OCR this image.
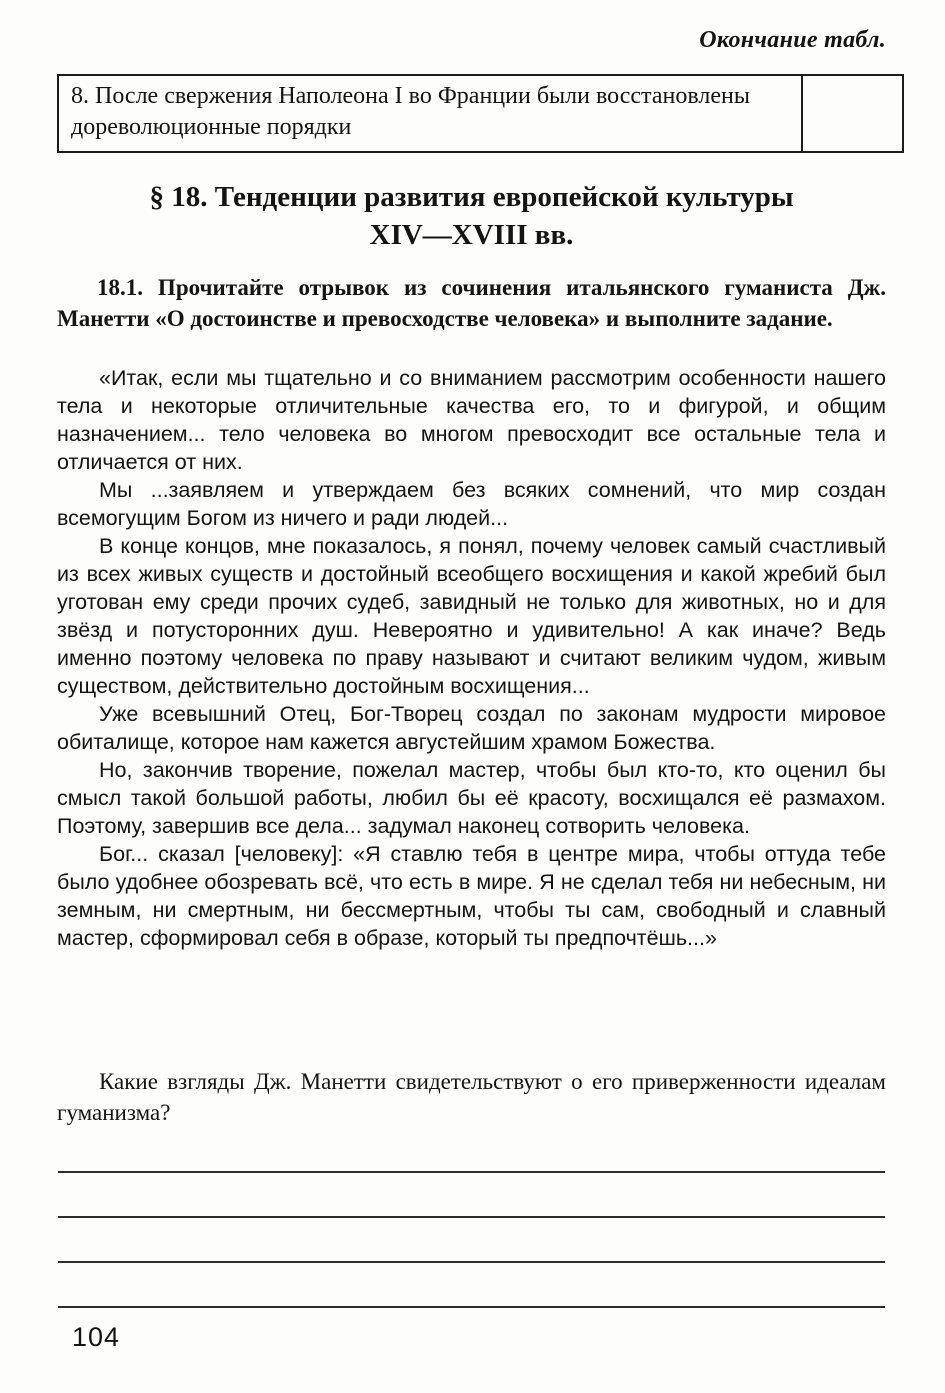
Окончание табл.
8. После свержения Наполеона I во Франции были восстановлены дореволюционные порядки	
§ 18. Тенденции развития европейской культуры
XIV—XVIII вв.

18.1. Прочитайте отрывок из сочинения итальянского гуманиста Дж. Манетти «О достоинстве и превосходстве человека» и выполните задание.

«Итак, если мы тщательно и со вниманием рассмотрим особенности нашего тела и некоторые отличительные качества его, то и фигурой, и общим назначением... тело человека во многом превосходит все остальные тела и отличается от них.

Мы ...заявляем и утверждаем без всяких сомнений, что мир создан всемогущим Богом из ничего и ради людей...

В конце концов, мне показалось, я понял, почему человек самый счастливый из всех живых существ и достойный всеобщего восхищения и какой жребий был уготован ему среди прочих судеб, завидный не только для животных, но и для звёзд и потусторонних душ. Невероятно и удивительно! А как иначе? Ведь именно поэтому человека по праву называют и считают великим чудом, живым существом, действительно достойным восхищения...

Уже всевышний Отец, Бог-Творец создал по законам мудрости мировое обиталище, которое нам кажется августейшим храмом Божества.

Но, закончив творение, пожелал мастер, чтобы был кто-то, кто оценил бы смысл такой большой работы, любил бы её красоту, восхищался её размахом. Поэтому, завершив все дела... задумал наконец сотворить человека.

Бог... сказал [человеку]: «Я ставлю тебя в центре мира, чтобы оттуда тебе было удобнее обозревать всё, что есть в мире. Я не сделал тебя ни небесным, ни земным, ни смертным, ни бессмертным, чтобы ты сам, свободный и славный мастер, сформировал себя в образе, который ты предпочтёшь...»

Какие взгляды Дж. Манетти свидетельствуют о его приверженности идеалам гуманизма?

104
